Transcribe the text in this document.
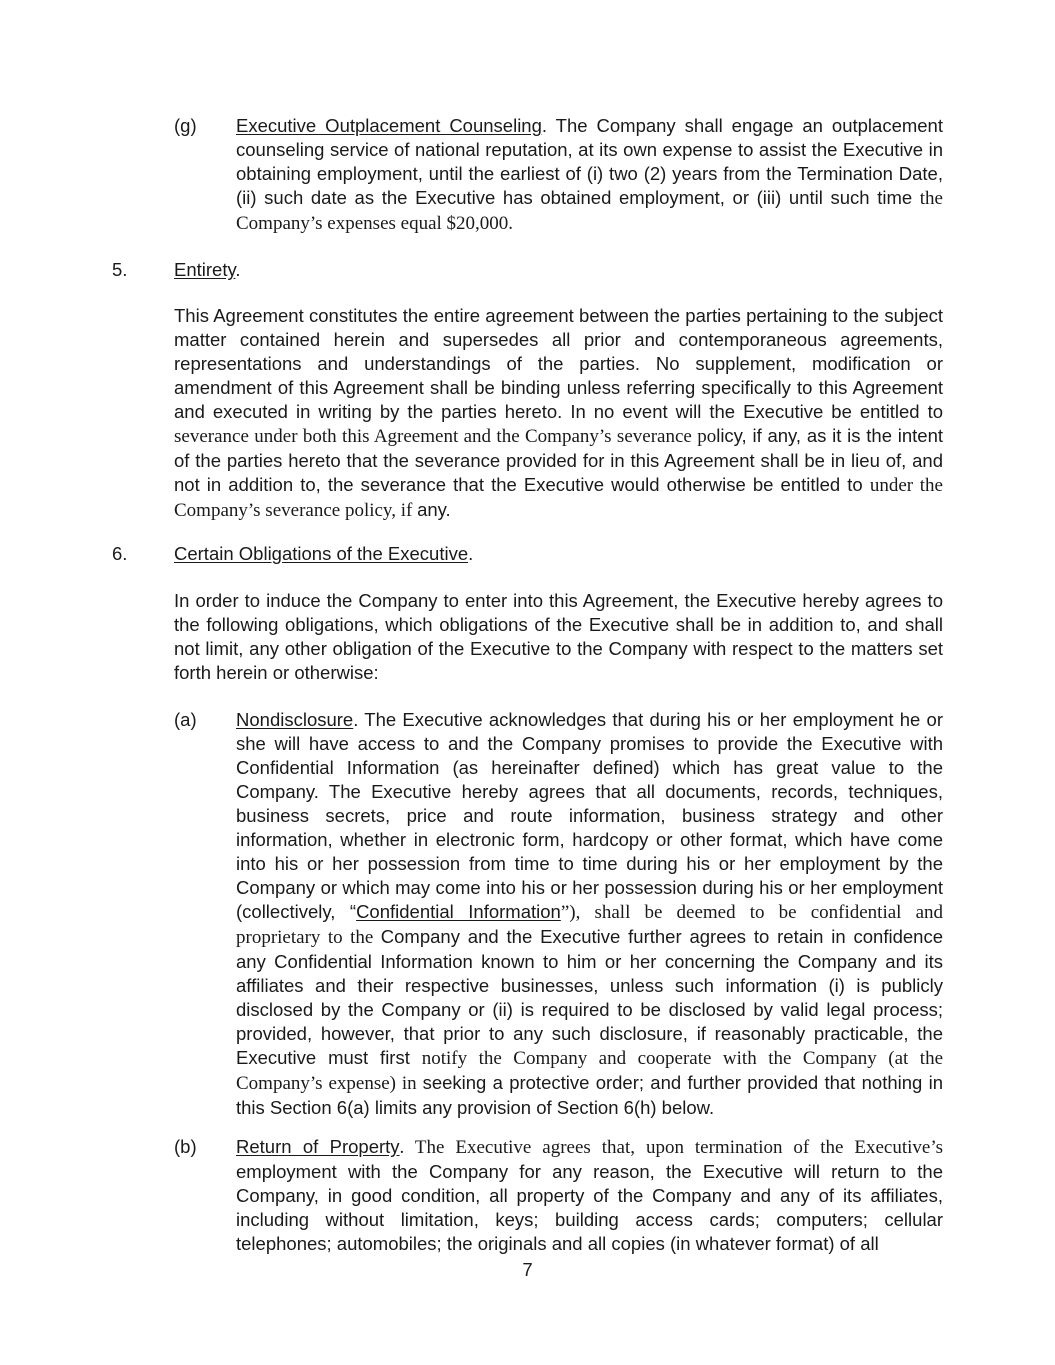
(g) Executive Outplacement Counseling. The Company shall engage an outplacement counseling service of national reputation, at its own expense to assist the Executive in obtaining employment, until the earliest of (i) two (2) years from the Termination Date, (ii) such date as the Executive has obtained employment, or (iii) until such time the Company’s expenses equal $20,000.
5.	Entirety.
This Agreement constitutes the entire agreement between the parties pertaining to the subject matter contained herein and supersedes all prior and contemporaneous agreements, representations and understandings of the parties. No supplement, modification or amendment of this Agreement shall be binding unless referring specifically to this Agreement and executed in writing by the parties hereto. In no event will the Executive be entitled to severance under both this Agreement and the Company’s severance policy, if any, as it is the intent of the parties hereto that the severance provided for in this Agreement shall be in lieu of, and not in addition to, the severance that the Executive would otherwise be entitled to under the Company’s severance policy, if any.
6.	Certain Obligations of the Executive.
In order to induce the Company to enter into this Agreement, the Executive hereby agrees to the following obligations, which obligations of the Executive shall be in addition to, and shall not limit, any other obligation of the Executive to the Company with respect to the matters set forth herein or otherwise:
(a) Nondisclosure. The Executive acknowledges that during his or her employment he or she will have access to and the Company promises to provide the Executive with Confidential Information (as hereinafter defined) which has great value to the Company. The Executive hereby agrees that all documents, records, techniques, business secrets, price and route information, business strategy and other information, whether in electronic form, hardcopy or other format, which have come into his or her possession from time to time during his or her employment by the Company or which may come into his or her possession during his or her employment (collectively, “Confidential Information”), shall be deemed to be confidential and proprietary to the Company and the Executive further agrees to retain in confidence any Confidential Information known to him or her concerning the Company and its affiliates and their respective businesses, unless such information (i) is publicly disclosed by the Company or (ii) is required to be disclosed by valid legal process; provided, however, that prior to any such disclosure, if reasonably practicable, the Executive must first notify the Company and cooperate with the Company (at the Company’s expense) in seeking a protective order; and further provided that nothing in this Section 6(a) limits any provision of Section 6(h) below.
(b) Return of Property. The Executive agrees that, upon termination of the Executive’s employment with the Company for any reason, the Executive will return to the Company, in good condition, all property of the Company and any of its affiliates, including without limitation, keys; building access cards; computers; cellular telephones; automobiles; the originals and all copies (in whatever format) of all
7
